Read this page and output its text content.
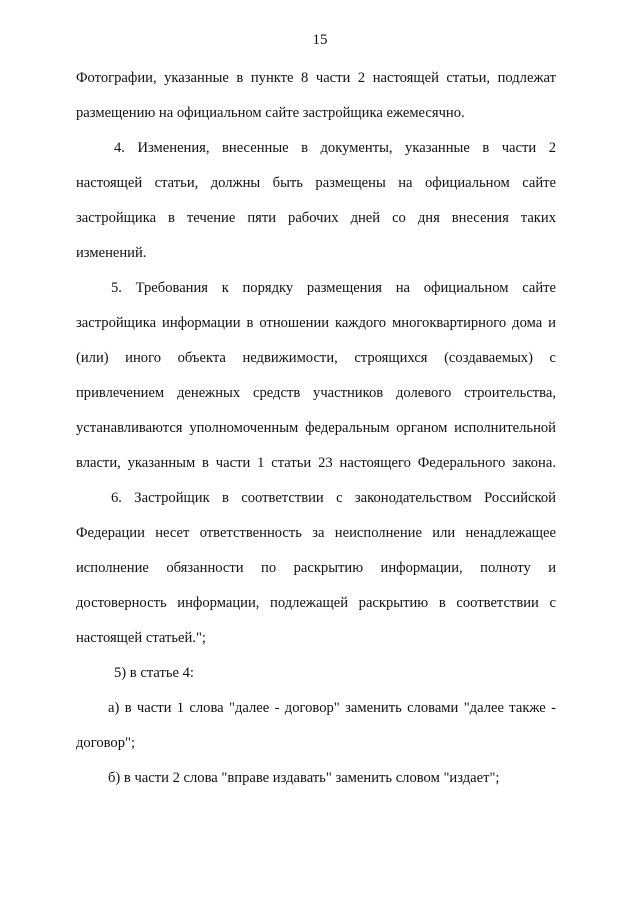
15
Фотографии, указанные в пункте 8 части 2 настоящей статьи, подлежат
размещению на официальном сайте застройщика ежемесячно.
4. Изменения, внесенные в документы, указанные в части 2
настоящей статьи, должны быть размещены на официальном сайте
застройщика в течение пяти рабочих дней со дня внесения таких
изменений.
5. Требования к порядку размещения на официальном сайте
застройщика информации в отношении каждого многоквартирного дома и
(или) иного объекта недвижимости, строящихся (создаваемых) с
привлечением денежных средств участников долевого строительства,
устанавливаются уполномоченным федеральным органом исполнительной
власти, указанным в части 1 статьи 23 настоящего Федерального закона.
6. Застройщик в соответствии с законодательством Российской
Федерации несет ответственность за неисполнение или ненадлежащее
исполнение обязанности по раскрытию информации, полноту и
достоверность информации, подлежащей раскрытию в соответствии с
настоящей статьей.";
5) в статье 4:
а) в части 1 слова "далее - договор" заменить словами "далее также -
договор";
б) в части 2 слова "вправе издавать" заменить словом "издает";
